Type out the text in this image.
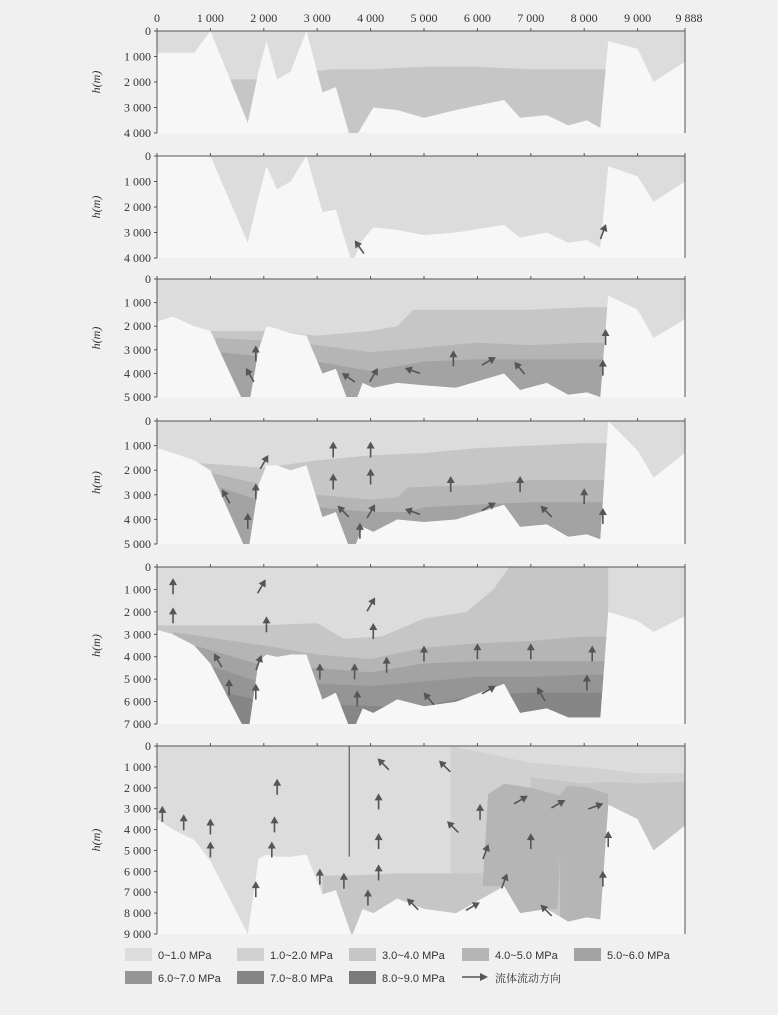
0	1 000 2 000 3 000 4 000 5 000 6 000 7 000 8 000 9 000 9 888
0
1 000
2 000
3 000
4 000
h(m)
0
1 000
2 000
3 000
4 000
h(m)
0
1 000
2 000
3 000
4 000
5 000
h(m)
0
1 000
2 000
3 000
4 000
5 000
h(m)
0
1 000
2 000
3 000
4 000
5 000
6 000
7 000
h(m)
0
1 000
2 000
3 000
4 000
5 000
6 000
7 000
8 000
9 000
h(m)
0~1.0 MPa	1.0~2.0 MPa	3.0~4.0 MPa	4.0~5.0 MPa	5.0~6.0 MPa
6.0~7.0 MPa	7.0~8.0 MPa	8.0~9.0 MPa	流体流动方向
